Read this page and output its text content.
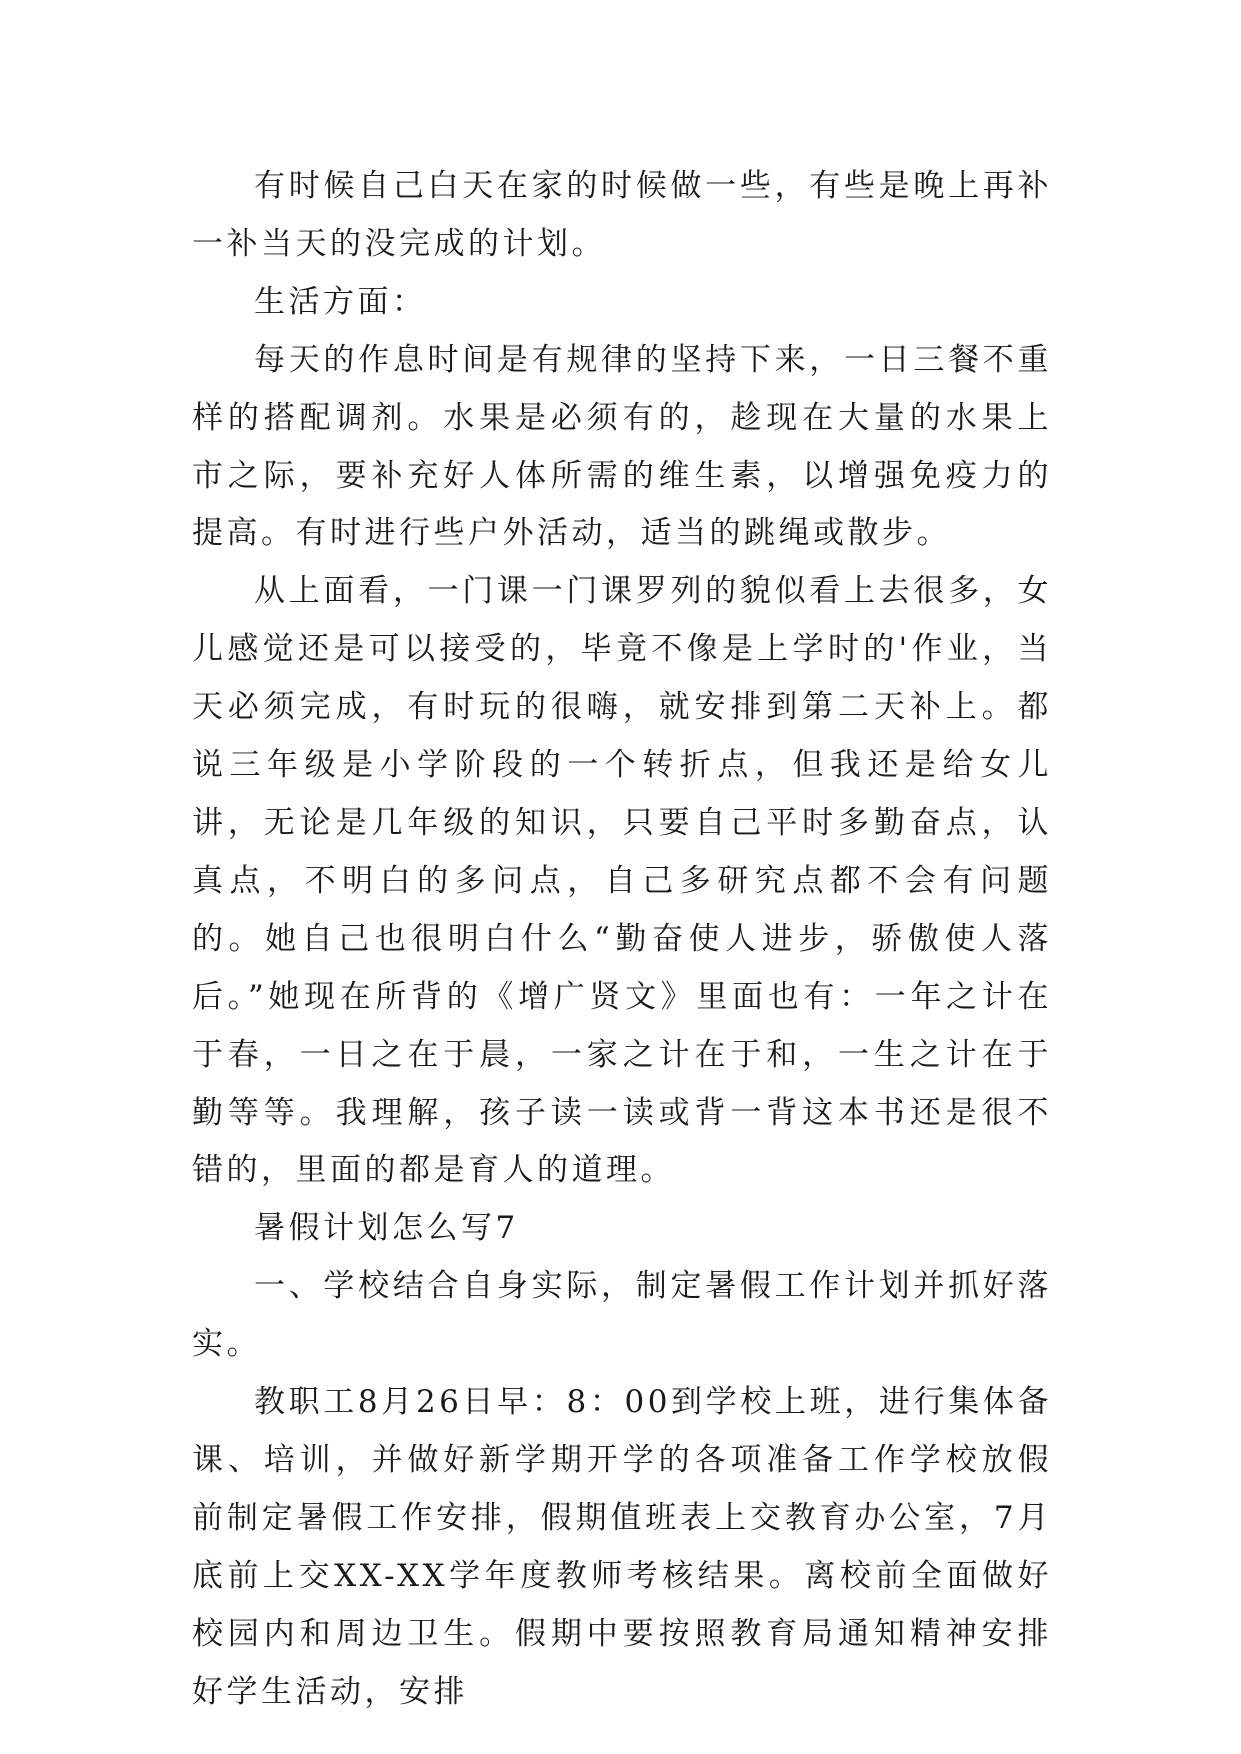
有时候自己白天在家的时候做一些，有些是晚上再补一补当天的没完成的计划。

生活方面：

每天的作息时间是有规律的坚持下来，一日三餐不重样的搭配调剂。水果是必须有的，趁现在大量的水果上市之际，要补充好人体所需的维生素，以增强免疫力的提高。有时进行些户外活动，适当的跳绳或散步。

从上面看，一门课一门课罗列的貌似看上去很多，女儿感觉还是可以接受的，毕竟不像是上学时的'作业，当天必须完成，有时玩的很嗨，就安排到第二天补上。都说三年级是小学阶段的一个转折点，但我还是给女儿讲，无论是几年级的知识，只要自己平时多勤奋点，认真点，不明白的多问点，自己多研究点都不会有问题的。她自己也很明白什么“勤奋使人进步，骄傲使人落后。”她现在所背的《增广贤文》里面也有：一年之计在于春，一日之在于晨，一家之计在于和，一生之计在于勤等等。我理解，孩子读一读或背一背这本书还是很不错的，里面的都是育人的道理。

暑假计划怎么写7

一、学校结合自身实际，制定暑假工作计划并抓好落实。

教职工8月26日早：8：00到学校上班，进行集体备课、培训，并做好新学期开学的各项准备工作学校放假前制定暑假工作安排，假期值班表上交教育办公室，7月底前上交XX-XX学年度教师考核结果。离校前全面做好校园内和周边卫生。假期中要按照教育局通知精神安排好学生活动，安排
